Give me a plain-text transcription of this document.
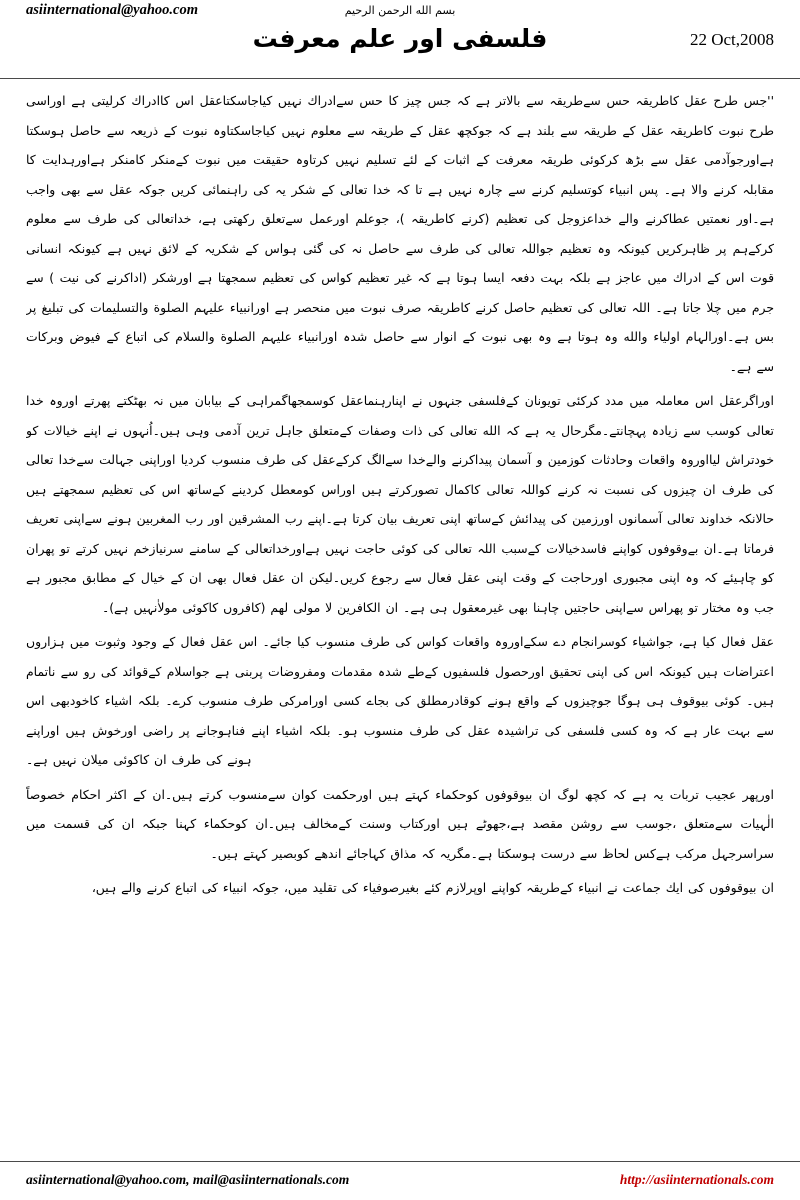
asiinternational@yahoo.com	بسم الله الرحمن الرحيم
فلسفى اور علم معرفت	22 Oct,2008

''جس طرح عقل كاطريقہ حس سےطريقہ سے بالاتر ہے كہ جس چيز كا حس سےادراك نہيں كياجاسكتاعقل اس كاادراك كرليتى ہے اوراسى طرح نبوت كاطريقہ عقل كے طريقہ سے بلند ہے كہ جوكچھ عقل كے طريقہ سے معلوم نہيں كياجاسكتاوہ نبوت كے ذريعہ سے حاصل ہوسكتا ہےاورجوآدمى عقل سے بڑھ كركوئى طريقہ معرفت كے اثبات كے لئے تسليم نہيں كرتاوہ حقيقت ميں نبوت كےمنكر كامنكر ہےاورہدايت كا مقابلہ كرنے والا ہے۔ پس انبياء كوتسليم كرنے سے چارہ نہيں ہے تا كہ خدا تعالى كے شكر يہ كى راہنمائى كريں جوكہ عقل سے بھى واجب ہے۔اور نعمتيں عطاكرنے والے خداعزوجل كى تعظيم (كرنے كاطريقہ )، جوعلم اورعمل سےتعلق ركھتى ہے، خداتعالى كى طرف سے معلوم كركےہم پر ظاہركريں كيونكہ وہ تعظيم جواللہ تعالى كى طرف سے حاصل نہ كى گئى ہواس كے شكريہ كے لائق نہيں ہے كيونكہ انسانى قوت اس كے ادراك ميں عاجز ہے بلكہ بہت دفعہ ايسا ہوتا ہے كہ غير تعظيم كواس كى تعظيم سمجھتا ہے اورشكر (اداكرنے كى نيت ) سے جرم ميں چلا جاتا ہے۔ اللہ تعالى كى تعظيم حاصل كرنے كاطريقہ صرف نبوت ميں منحصر ہے اورانبياء عليہم الصلوة والتسليمات كى تبليغ پر بس ہے۔اورالہام اولياء والله وہ ہوتا ہے وہ بھى نبوت كے انوار سے حاصل شدہ اورانبياء عليہم الصلوة والسلام كى اتباع كے فيوض وبركات سے ہے۔

اوراگرعقل اس معاملہ ميں مدد كركئى تويونان كےفلسفى جنہوں نے اپنارہنماعقل كوسمجھاگمراہى كے بيابان ميں نہ بھٹكتے پھرتے اوروہ خدا تعالى كوسب سے زيادہ پہچانتے۔مگرحال يہ ہے كہ الله تعالى كى ذات وصفات كےمتعلق جاہل ترين آدمى وہى ہيں۔اُنہوں نے اپنے خيالات كو خودتراش ليااوروہ واقعات وحادثات كوزمين و آسمان پيداكرنے والےخدا سےالگ كركےعقل كى طرف منسوب كرديا اوراپنى جہالت سےخدا تعالى كى طرف ان چيزوں كى نسبت نہ كرنے كواللہ تعالى كاكمال تصوركرتے ہيں اوراس كومعطل كردينے كےساتھ اس كى تعظيم سمجھتے ہيں حالانكہ خداوند تعالى آسمانوں اورزمين كى پيدائش كےساتھ اپنى تعريف بيان كرتا ہے۔اپنے رب المشرقين اور رب المغربين ہونے سےاپنى تعريف فرماتا ہے۔ان بےوقوفوں كواپنے فاسدخيالات كےسبب اللہ تعالى كى كوئى حاجت نہيں ہےاورخداتعالى كے سامنے سرنيازخم نہيں كرتے تو پھران كو چاہيئے كہ وہ اپنى مجبورى اورحاجت كے وقت اپنى عقل فعال سے رجوع كريں۔ليكن ان عقل فعال بھى ان كے خيال كے مطابق مجبور ہے جب وہ مختار تو پھراس سےاپنى حاجتيں چاہنا بھى غيرمعقول ہى ہے۔ ان الكافرين لا مولى لهم (كافروں كاكوئى مولاٰنہيں ہے)۔

عقل فعال كيا ہے، جواشياء كوسرانجام دے سكےاوروہ واقعات كواس كى طرف منسوب كيا جائے۔ اس عقل فعال كے وجود وثبوت ميں ہزاروں اعتراضات ہيں كيونكہ اس كى اپنى تحقيق اورحصول فلسفيوں كےطے شدہ مقدمات ومفروضات پربنى ہے جواسلام كےقوائد كى رو سے ناتمام ہيں۔ كوئى بيوقوف ہى ہوگا جوچيزوں كے واقع ہونے كوقادرمطلق كى بجاے كسى اورامركى طرف منسوب كرے۔ بلكہ اشياء كاخودبھى اس سے بہت عار ہے كہ وہ كسى فلسفى كى تراشيدہ عقل كى طرف منسوب ہو۔ بلكہ اشياء اپنے فناہوجانے پر راضى اورخوش ہيں اوراپنے ہونے كى طرف ان كاكوئى ميلان نہيں ہے۔

اورپھر عجيب تربات يہ ہے كہ كچھ لوگ ان بيوقوفوں كوحكماء كہتے ہيں اورحكمت كوان سےمنسوب كرتے ہيں۔ان كے اكثر احكام خصوصاً الٰہيات سےمتعلق ،جوسب سے روشن مقصد ہے،جھوٹے ہيں اوركتاب وسنت كےمخالف ہيں۔ان كوحكماء كہنا جبكہ ان كى قسمت ميں سراسرجہل مركب ہےكس لحاظ سے درست ہوسكتا ہے۔مگريہ كہ مذاق كہاجائے اندھے كوبصير كہتے ہيں۔

ان بيوقوفوں كى ايك جماعت نے انبياء كےطريقہ كواپنے اوپرلازم كئے بغيرصوفياء كى تقليد ميں، جوكہ انبياء كى اتباع كرنے والے ہيں،

asiinternational@yahoo.com, mail@asiinternationals.com	http://asiinternationals.com
